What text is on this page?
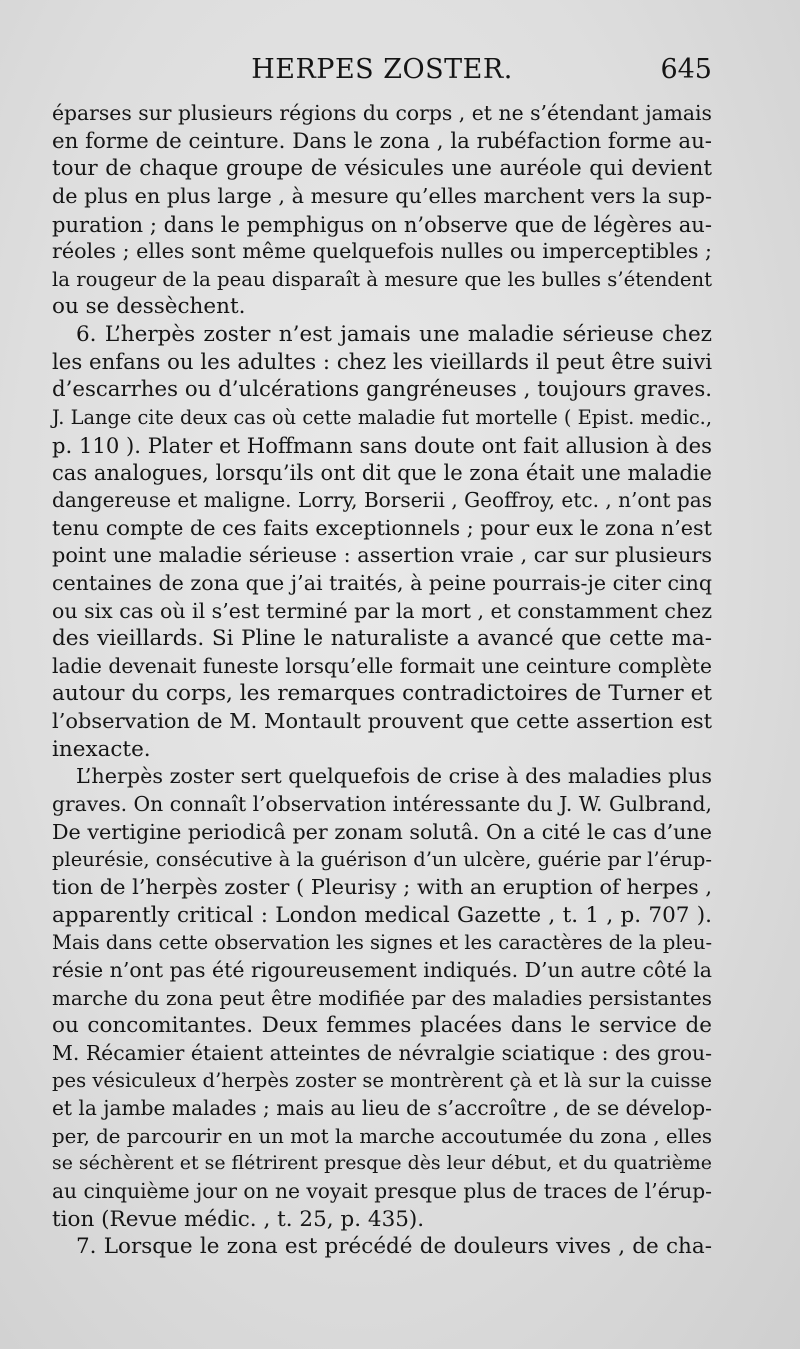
HERPES ZOSTER.	645
éparses sur plusieurs régions du corps , et ne s’étendant jamais
en forme de ceinture. Dans le zona , la rubéfaction forme au-
tour de chaque groupe de vésicules une auréole qui devient
de plus en plus large , à mesure qu’elles marchent vers la sup-
puration ; dans le pemphigus on n’observe que de légères au-
réoles ; elles sont même quelquefois nulles ou imperceptibles ;
la rougeur de la peau disparaît à mesure que les bulles s’étendent
ou se dessèchent.
6. L’herpès zoster n’est jamais une maladie sérieuse chez
les enfans ou les adultes : chez les vieillards il peut être suivi
d’escarrhes ou d’ulcérations gangréneuses , toujours graves.
J. Lange cite deux cas où cette maladie fut mortelle ( Epist. medic.,
p. 110 ). Plater et Hoffmann sans doute ont fait allusion à des
cas analogues, lorsqu’ils ont dit que le zona était une maladie
dangereuse et maligne. Lorry, Borserii , Geoffroy, etc. , n’ont pas
tenu compte de ces faits exceptionnels ; pour eux le zona n’est
point une maladie sérieuse : assertion vraie , car sur plusieurs
centaines de zona que j’ai traités, à peine pourrais-je citer cinq
ou six cas où il s’est terminé par la mort , et constamment chez
des vieillards. Si Pline le naturaliste a avancé que cette ma-
ladie devenait funeste lorsqu’elle formait une ceinture complète
autour du corps, les remarques contradictoires de Turner et
l’observation de M. Montault prouvent que cette assertion est
inexacte.
L’herpès zoster sert quelquefois de crise à des maladies plus
graves. On connaît l’observation intéressante du J. W. Gulbrand,
De vertigine periodicâ per zonam solutâ. On a cité le cas d’une
pleurésie, consécutive à la guérison d’un ulcère, guérie par l’érup-
tion de l’herpès zoster ( Pleurisy ; with an eruption of herpes ,
apparently critical : London medical Gazette , t. 1 , p. 707 ).
Mais dans cette observation les signes et les caractères de la pleu-
résie n’ont pas été rigoureusement indiqués. D’un autre côté la
marche du zona peut être modifiée par des maladies persistantes
ou concomitantes. Deux femmes placées dans le service de
M. Récamier étaient atteintes de névralgie sciatique : des grou-
pes vésiculeux d’herpès zoster se montrèrent çà et là sur la cuisse
et la jambe malades ; mais au lieu de s’accroître , de se dévelop-
per, de parcourir en un mot la marche accoutumée du zona , elles
se séchèrent et se flétrirent presque dès leur début, et du quatrième
au cinquième jour on ne voyait presque plus de traces de l’érup-
tion (Revue médic. , t. 25, p. 435).
7. Lorsque le zona est précédé de douleurs vives , de cha-
